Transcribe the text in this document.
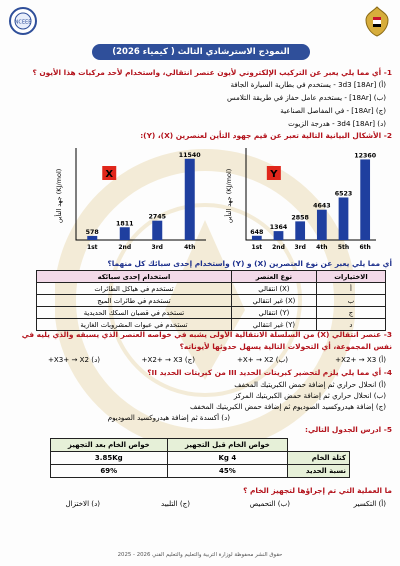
NCEEE
النموذج الاسترشادي الثالث ( كيمياء 2026)
1- أي مما يلي يعبر عن التركيب الإلكتروني لأيون عنصر انتقالي، واستخدام لأحد مركبات هذا الأيون ؟
(أ) [18Ar] 3d3 - يستخدم في بطارية السيارة الجافة
(ب) [18Ar] - يستخدم عامل حفاز في طريقة التلامس
(ج) [18Ar] - في المفاصل الصناعية
(د) [18Ar] 3d4 - هدرجة الزيوت
2- الأشكال البيانية التالية تعبر عن قيم جهود التأين لعنصرين (X)، (Y):
جهد التأين (KJ/mol)
578
1st
1811
2nd
2745
3rd
11540
4th
X
جهد التأين (KJ/mol)
648
1st
1364
2nd
2858
3rd
4643
4th
6523
5th
12360
6th
Y
أي مما يلي يعبر عن نوع العنصرين (X) و (Y) واستخدام إحدى سبائك كل منهما؟
الاختيارات	نوع العنصر	استخدام إحدى سبائكه
أ	(X) انتقالي	تستخدم في هياكل الطائرات
ب	(X) غير انتقالي	تستخدم في طائرات الميج
ج	(Y) انتقالي	تستخدم في قضبان السكك الحديدية
د	(Y) غير انتقالي	تستخدم في عبوات المشروبات الغازية
3- عنصر انتقالي (X) من السلسلة الانتقالية الأولى يشبه في خواصه العنصر الذي يسبقه والذي يليه في
نفس المجموعة، أي التحولات التالية يسهل حدوثها لأيوناته؟
(أ) X2+ → X3+
(ب) X+ → X2+
(ج) X2+ → X3+
(د) X3+ → X2+
4- أي مما يلي يلزم لتحضير كبريتات الحديد III من كبريتات الحديد II؟
(أ) انحلال حراري ثم إضافة حمض الكبريتيك المخفف
(ب) انحلال حراري ثم إضافة حمض الكبريتيك المركز
(ج) إضافة هيدروكسيد الصوديوم ثم إضافة حمض الكبريتيك المخفف
(د) أكسدة ثم إضافة هيدروكسيد الصوديوم
5- ادرس الجدول التالي:
	خواص الخام قبل التجهيز	خواص الخام بعد التجهيز
كتلة الخام	4 Kg	3.85Kg
نسبة الحديد	45%	69%
ما العملية التي تم إجراؤها لتجهيز الخام ؟
(أ) التكسير
(ب) التحميص
(ج) التلبيد
(د) الاختزال
حقوق النشر محفوظة لوزارة التربية والتعليم والتعليم الفني 2026 - 2025
